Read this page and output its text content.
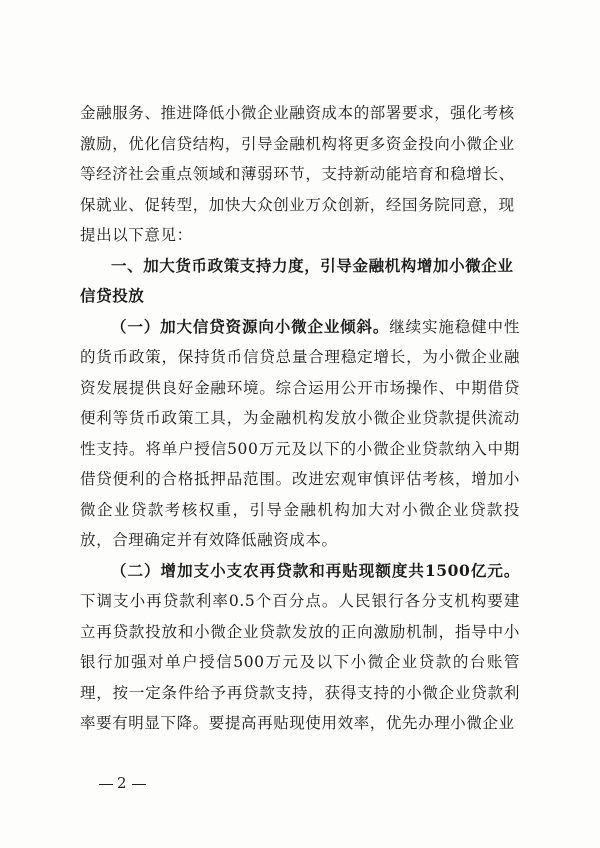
金融服务、推进降低小微企业融资成本的部署要求，强化考核
激励，优化信贷结构，引导金融机构将更多资金投向小微企业
等经济社会重点领域和薄弱环节，支持新动能培育和稳增长、
保就业、促转型，加快大众创业万众创新，经国务院同意，现
提出以下意见：

一、加大货币政策支持力度，引导金融机构增加小微企业

信贷投放

（一）加大信贷资源向小微企业倾斜。继续实施稳健中性的货币政策，保持货币信贷总量合理稳定增长，为小微企业融资发展提供良好金融环境。综合运用公开市场操作、中期借贷便利等货币政策工具，为金融机构发放小微企业贷款提供流动性支持。将单户授信500万元及以下的小微企业贷款纳入中期借贷便利的合格抵押品范围。改进宏观审慎评估考核，增加小微企业贷款考核权重，引导金融机构加大对小微企业贷款投放，合理确定并有效降低融资成本。

（二）增加支小支农再贷款和再贴现额度共1500亿元。下调支小再贷款利率0.5个百分点。人民银行各分支机构要建立再贷款投放和小微企业贷款发放的正向激励机制，指导中小银行加强对单户授信500万元及以下小微企业贷款的台账管理，按一定条件给予再贷款支持，获得支持的小微企业贷款利率要有明显下降。要提高再贴现使用效率，优先办理小微企业

2
